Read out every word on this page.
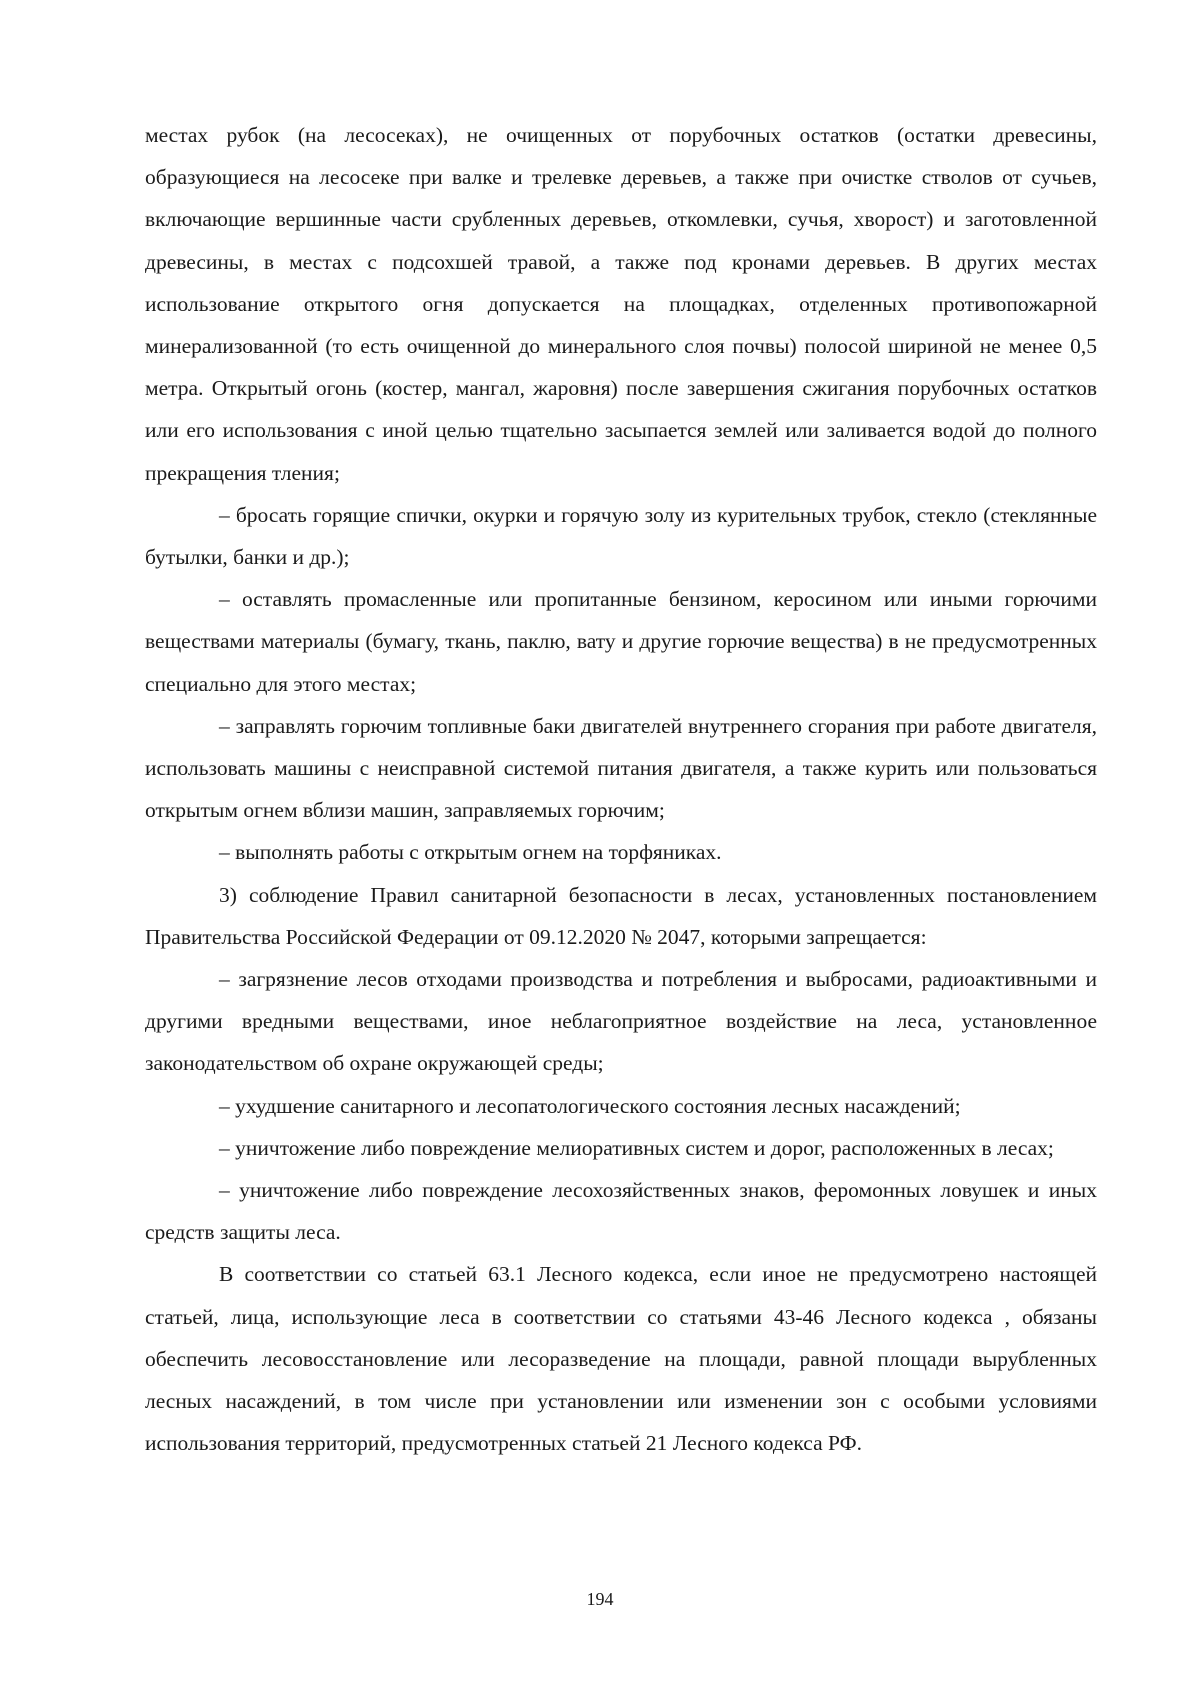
местах рубок (на лесосеках), не очищенных от порубочных остатков (остатки древесины, образующиеся на лесосеке при валке и трелевке деревьев, а также при очистке стволов от сучьев, включающие вершинные части срубленных деревьев, откомлевки, сучья, хворост) и заготовленной древесины, в местах с подсохшей травой, а также под кронами деревьев. В других местах использование открытого огня допускается на площадках, отделенных противопожарной минерализованной (то есть очищенной до минерального слоя почвы) полосой шириной не менее 0,5 метра. Открытый огонь (костер, мангал, жаровня) после завершения сжигания порубочных остатков или его использования с иной целью тщательно засыпается землей или заливается водой до полного прекращения тления;

– бросать горящие спички, окурки и горячую золу из курительных трубок, стекло (стеклянные бутылки, банки и др.);

– оставлять промасленные или пропитанные бензином, керосином или иными горючими веществами материалы (бумагу, ткань, паклю, вату и другие горючие вещества) в не предусмотренных специально для этого местах;

– заправлять горючим топливные баки двигателей внутреннего сгорания при работе двигателя, использовать машины с неисправной системой питания двигателя, а также курить или пользоваться открытым огнем вблизи машин, заправляемых горючим;

– выполнять работы с открытым огнем на торфяниках.

3) соблюдение Правил санитарной безопасности в лесах, установленных постановлением Правительства Российской Федерации от 09.12.2020 № 2047, которыми запрещается:

– загрязнение лесов отходами производства и потребления и выбросами, радиоактивными и другими вредными веществами, иное неблагоприятное воздействие на леса, установленное законодательством об охране окружающей среды;

– ухудшение санитарного и лесопатологического состояния лесных насаждений;

– уничтожение либо повреждение мелиоративных систем и дорог, расположенных в лесах;

– уничтожение либо повреждение лесохозяйственных знаков, феромонных ловушек и иных средств защиты леса.

В соответствии со статьей 63.1 Лесного кодекса, если иное не предусмотрено настоящей статьей, лица, использующие леса в соответствии со статьями 43-46 Лесного кодекса , обязаны обеспечить лесовосстановление или лесоразведение на площади, равной площади вырубленных лесных насаждений, в том числе при установлении или изменении зон с особыми условиями использования территорий, предусмотренных статьей 21 Лесного кодекса РФ.

194
